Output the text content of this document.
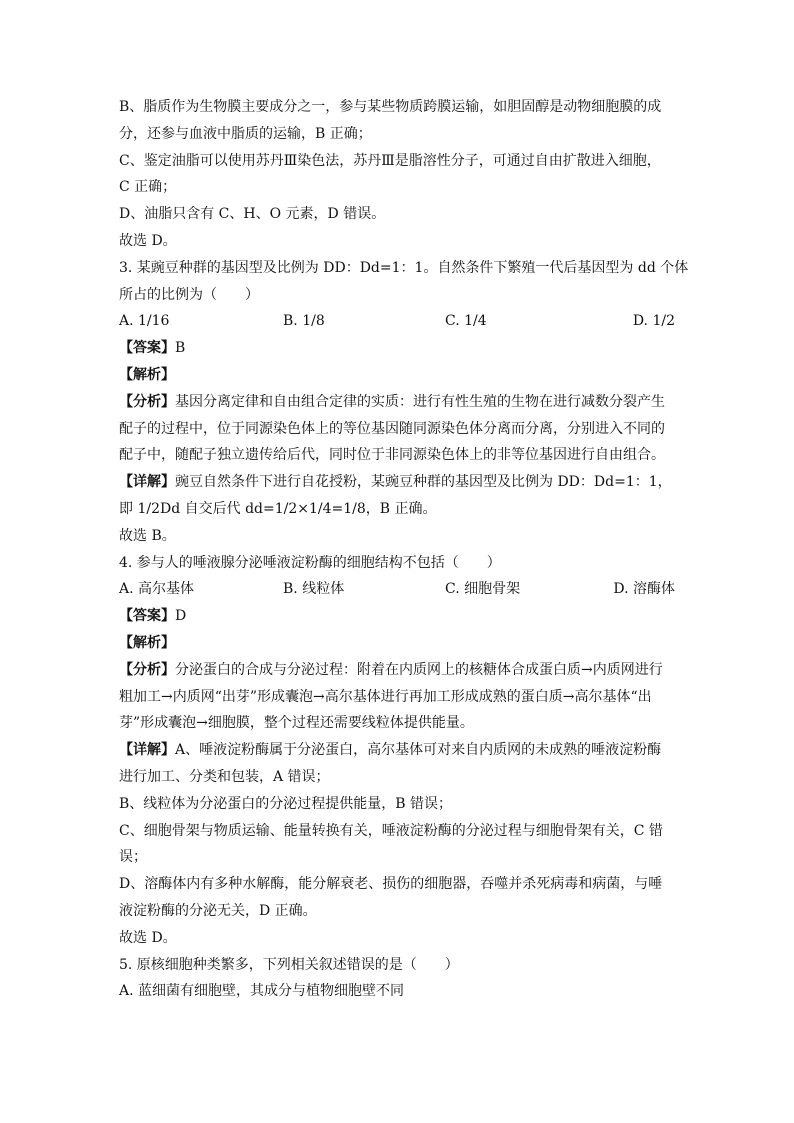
B、脂质作为生物膜主要成分之一，参与某些物质跨膜运输，如胆固醇是动物细胞膜的成

分，还参与血液中脂质的运输，B 正确；

C、鉴定油脂可以使用苏丹Ⅲ染色法，苏丹Ⅲ是脂溶性分子，可通过自由扩散进入细胞，

C 正确；

D、油脂只含有 C、H、O 元素，D 错误。

故选 D。

3. 某豌豆种群的基因型及比例为 DD：Dd=1：1。自然条件下繁殖一代后基因型为 dd 个体

所占的比例为（　　）

A. 1/16	B. 1/8	C. 1/4	D. 1/2

【答案】B

【解析】

【分析】基因分离定律和自由组合定律的实质：进行有性生殖的生物在进行减数分裂产生

配子的过程中，位于同源染色体上的等位基因随同源染色体分离而分离，分别进入不同的

配子中，随配子独立遗传给后代，同时位于非同源染色体上的非等位基因进行自由组合。

【详解】豌豆自然条件下进行自花授粉，某豌豆种群的基因型及比例为 DD：Dd=1：1，

即 1/2Dd 自交后代 dd=1/2×1/4=1/8，B 正确。

故选 B。

4. 参与人的唾液腺分泌唾液淀粉酶的细胞结构不包括（　　）

A. 高尔基体	B. 线粒体	C. 细胞骨架	D. 溶酶体

【答案】D

【解析】

【分析】分泌蛋白的合成与分泌过程：附着在内质网上的核糖体合成蛋白质→内质网进行

粗加工→内质网“出芽”形成囊泡→高尔基体进行再加工形成成熟的蛋白质→高尔基体“出

芽”形成囊泡→细胞膜，整个过程还需要线粒体提供能量。

【详解】A、唾液淀粉酶属于分泌蛋白，高尔基体可对来自内质网的未成熟的唾液淀粉酶

进行加工、分类和包装，A 错误；

B、线粒体为分泌蛋白的分泌过程提供能量，B 错误；

C、细胞骨架与物质运输、能量转换有关，唾液淀粉酶的分泌过程与细胞骨架有关，C 错

误；

D、溶酶体内有多种水解酶，能分解衰老、损伤的细胞器，吞噬并杀死病毒和病菌，与唾

液淀粉酶的分泌无关，D 正确。

故选 D。

5. 原核细胞种类繁多，下列相关叙述错误的是（　　）

A. 蓝细菌有细胞壁，其成分与植物细胞壁不同
